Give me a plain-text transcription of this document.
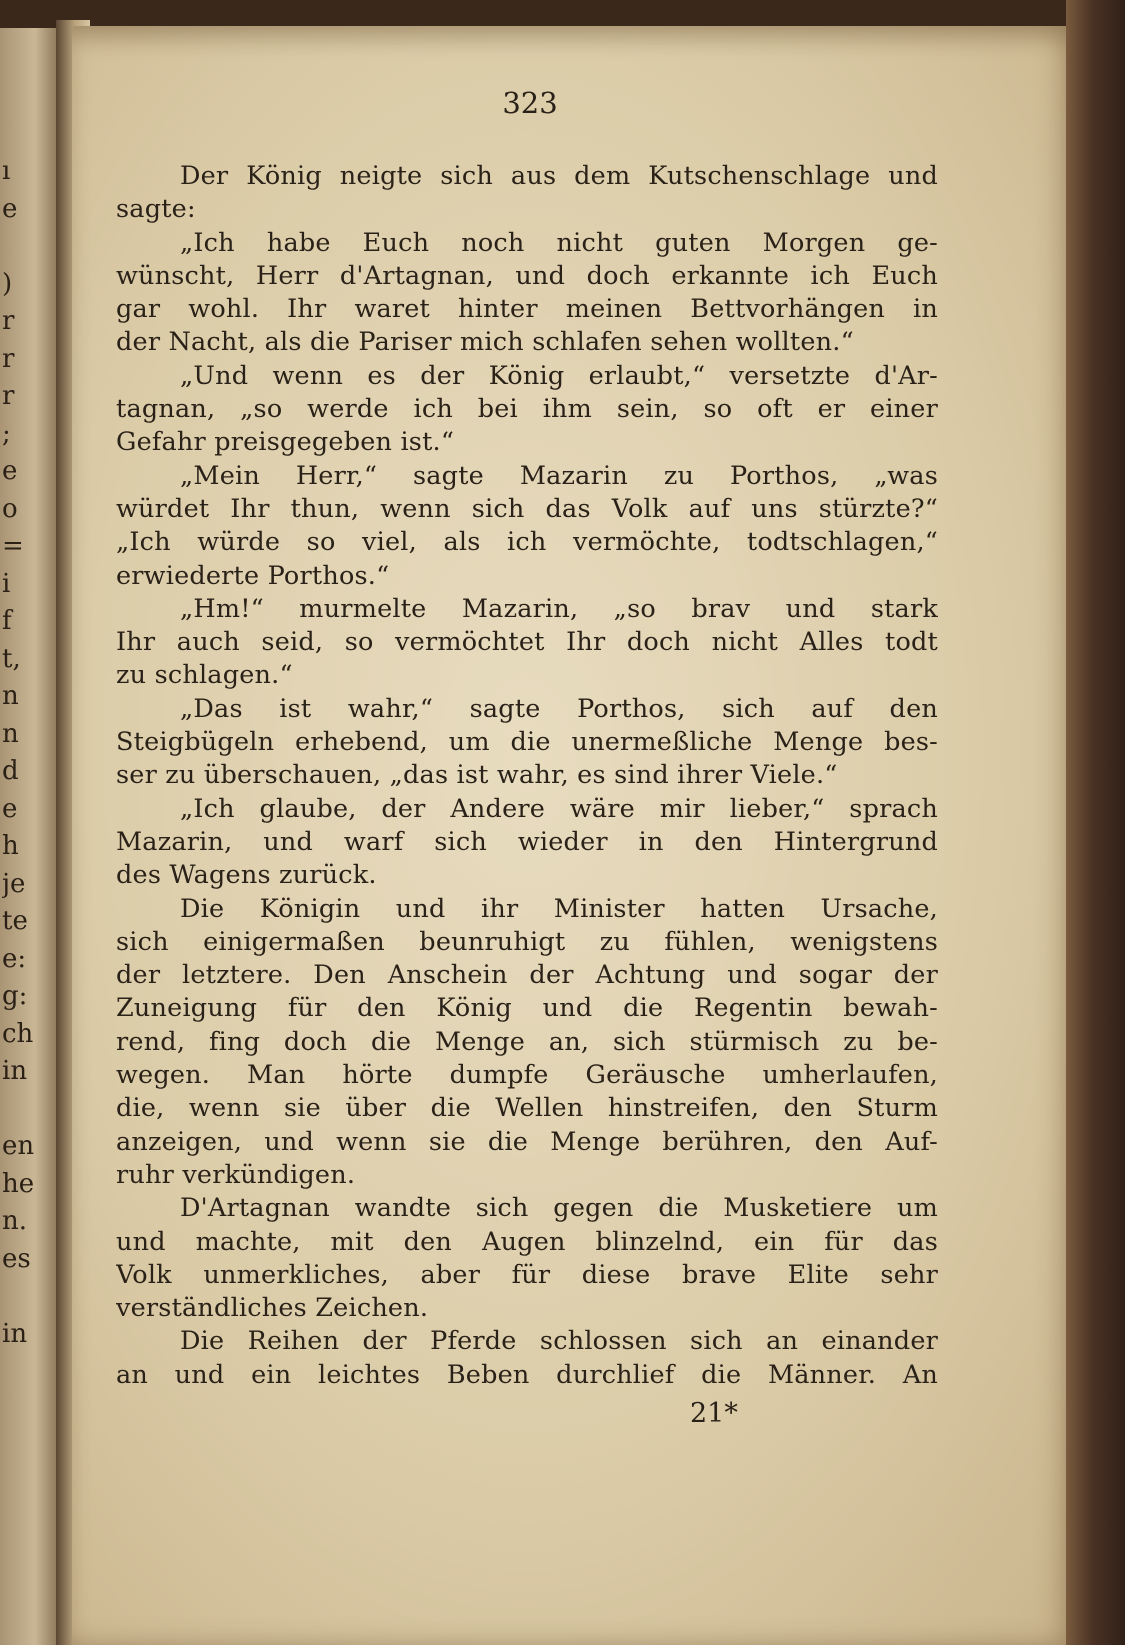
ı
e
)
r
r
r
;
e
o
=
i
f
t,
n
n
d
e
h
je
te
e:
g:
ch
in
en
he
n.
es
in
323
Der König neigte sich aus dem Kutschenschlage und
sagte:
„Ich habe Euch noch nicht guten Morgen ge-
wünscht, Herr d'Artagnan, und doch erkannte ich Euch
gar wohl. Ihr waret hinter meinen Bettvorhängen in
der Nacht, als die Pariser mich schlafen sehen wollten.“
„Und wenn es der König erlaubt,“ versetzte d'Ar-
tagnan, „so werde ich bei ihm sein, so oft er einer
Gefahr preisgegeben ist.“
„Mein Herr,“ sagte Mazarin zu Porthos, „was
würdet Ihr thun, wenn sich das Volk auf uns stürzte?“
„Ich würde so viel, als ich vermöchte, todtschlagen,“
erwiederte Porthos.“
„Hm!“ murmelte Mazarin, „so brav und stark
Ihr auch seid, so vermöchtet Ihr doch nicht Alles todt
zu schlagen.“
„Das ist wahr,“ sagte Porthos, sich auf den
Steigbügeln erhebend, um die unermeßliche Menge bes-
ser zu überschauen, „das ist wahr, es sind ihrer Viele.“
„Ich glaube, der Andere wäre mir lieber,“ sprach
Mazarin, und warf sich wieder in den Hintergrund
des Wagens zurück.
Die Königin und ihr Minister hatten Ursache,
sich einigermaßen beunruhigt zu fühlen, wenigstens
der letztere. Den Anschein der Achtung und sogar der
Zuneigung für den König und die Regentin bewah-
rend, fing doch die Menge an, sich stürmisch zu be-
wegen. Man hörte dumpfe Geräusche umherlaufen,
die, wenn sie über die Wellen hinstreifen, den Sturm
anzeigen, und wenn sie die Menge berühren, den Auf-
ruhr verkündigen.
D'Artagnan wandte sich gegen die Musketiere um
und machte, mit den Augen blinzelnd, ein für das
Volk unmerkliches, aber für diese brave Elite sehr
verständliches Zeichen.
Die Reihen der Pferde schlossen sich an einander
an und ein leichtes Beben durchlief die Männer. An
21*
